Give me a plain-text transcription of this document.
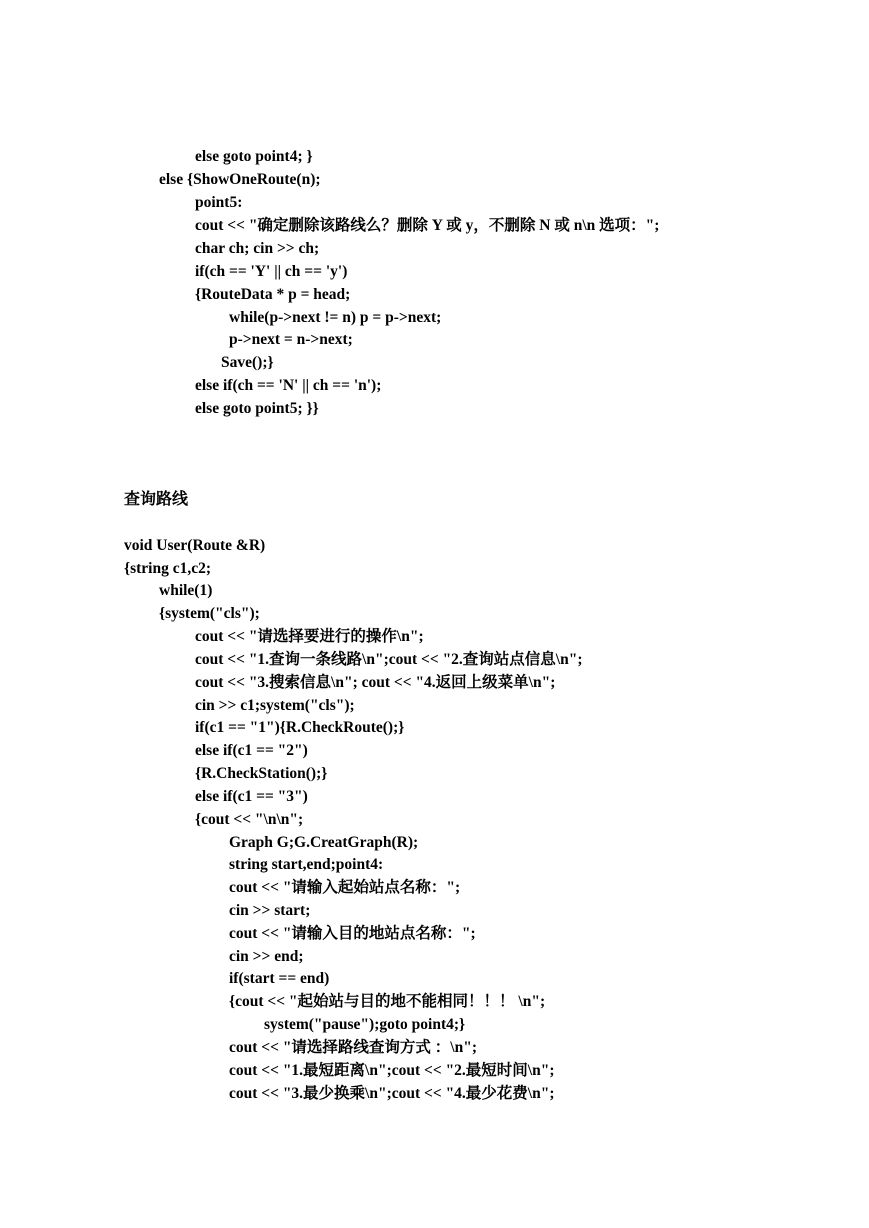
else goto point4; }
else {ShowOneRoute(n);
point5:
cout << "确定删除该路线么？删除 Y 或 y，不删除 N 或 n\n 选项：";
char ch; cin >> ch;
if(ch == 'Y' || ch == 'y')
{RouteData * p = head;
while(p->next != n) p = p->next;
p->next = n->next;
Save();}
else if(ch == 'N' || ch == 'n');
else goto point5; }}
查询路线
void User(Route &R)
{string c1,c2;
while(1)
{system("cls");
cout << "请选择要进行的操作\n";
cout << "1.查询一条线路\n";cout << "2.查询站点信息\n";
cout << "3.搜索信息\n"; cout << "4.返回上级菜单\n";
cin >> c1;system("cls");
if(c1 == "1"){R.CheckRoute();}
else if(c1 == "2")
{R.CheckStation();}
else if(c1 == "3")
{cout << "\n\n";
Graph G;G.CreatGraph(R);
string start,end;point4:
cout << "请输入起始站点名称：";
cin >> start;
cout << "请输入目的地站点名称：";
cin >> end;
if(start == end)
{cout << "起始站与目的地不能相同！！！ \n";
system("pause");goto point4;}
cout << "请选择路线查询方式 ：\n";
cout << "1.最短距离\n";cout << "2.最短时间\n";
cout << "3.最少换乘\n";cout << "4.最少花费\n";
